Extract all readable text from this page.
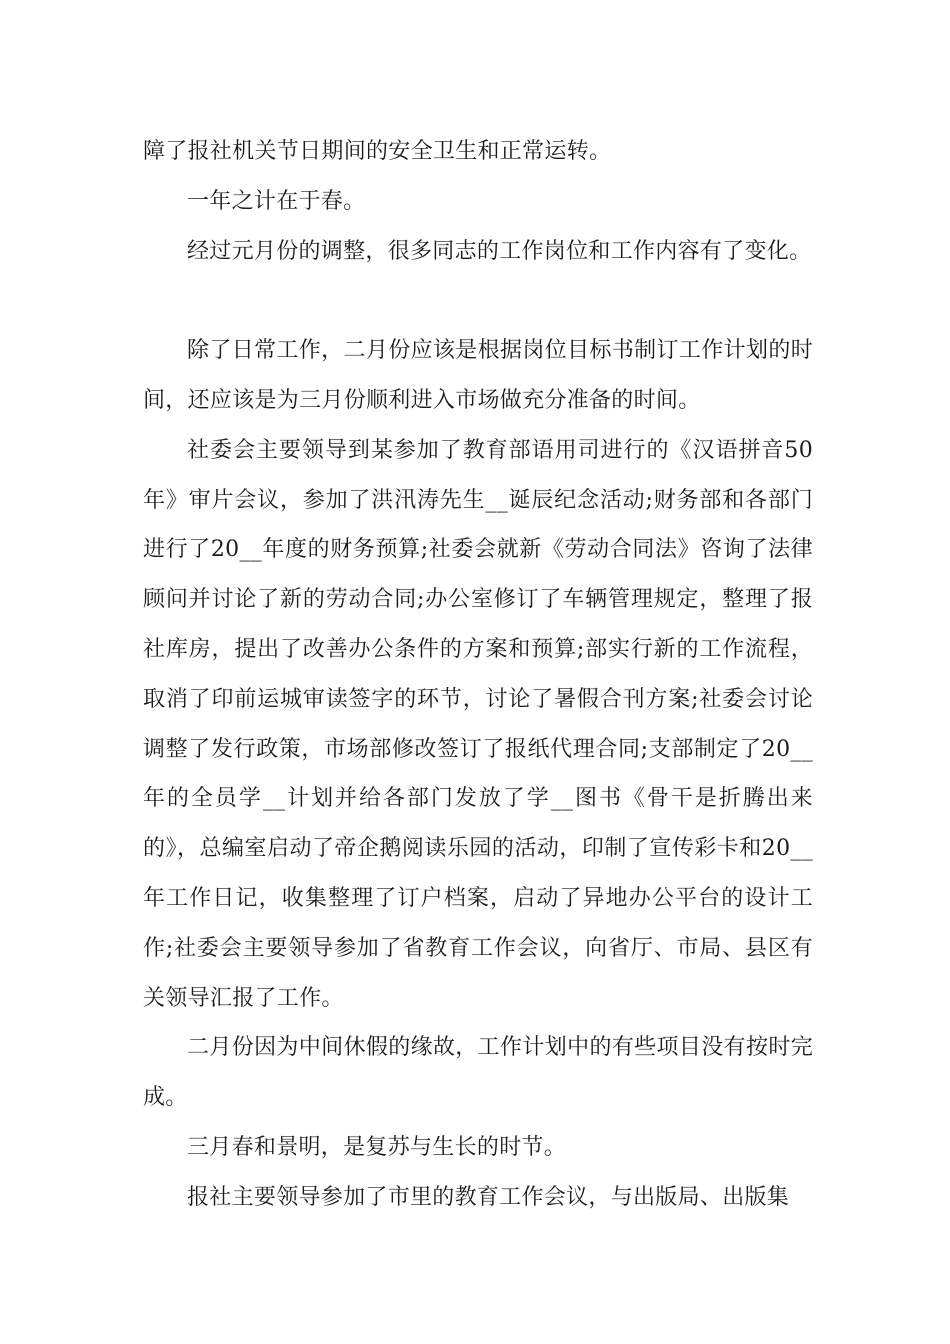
障了报社机关节日期间的安全卫生和正常运转。

一年之计在于春。

经过元月份的调整，很多同志的工作岗位和工作内容有了变化。

除了日常工作，二月份应该是根据岗位目标书制订工作计划的时间，还应该是为三月份顺利进入市场做充分准备的时间。

社委会主要领导到某参加了教育部语用司进行的《汉语拼音50年》审片会议，参加了洪汛涛先生__诞辰纪念活动;财务部和各部门进行了20__年度的财务预算;社委会就新《劳动合同法》咨询了法律顾问并讨论了新的劳动合同;办公室修订了车辆管理规定，整理了报社库房，提出了改善办公条件的方案和预算;部实行新的工作流程，取消了印前运城审读签字的环节，讨论了暑假合刊方案;社委会讨论调整了发行政策，市场部修改签订了报纸代理合同;支部制定了20__年的全员学__计划并给各部门发放了学__图书《骨干是折腾出来的》，总编室启动了帝企鹅阅读乐园的活动，印制了宣传彩卡和20__年工作日记，收集整理了订户档案，启动了异地办公平台的设计工作;社委会主要领导参加了省教育工作会议，向省厅、市局、县区有关领导汇报了工作。

二月份因为中间休假的缘故，工作计划中的有些项目没有按时完成。

三月春和景明，是复苏与生长的时节。

报社主要领导参加了市里的教育工作会议，与出版局、出版集
